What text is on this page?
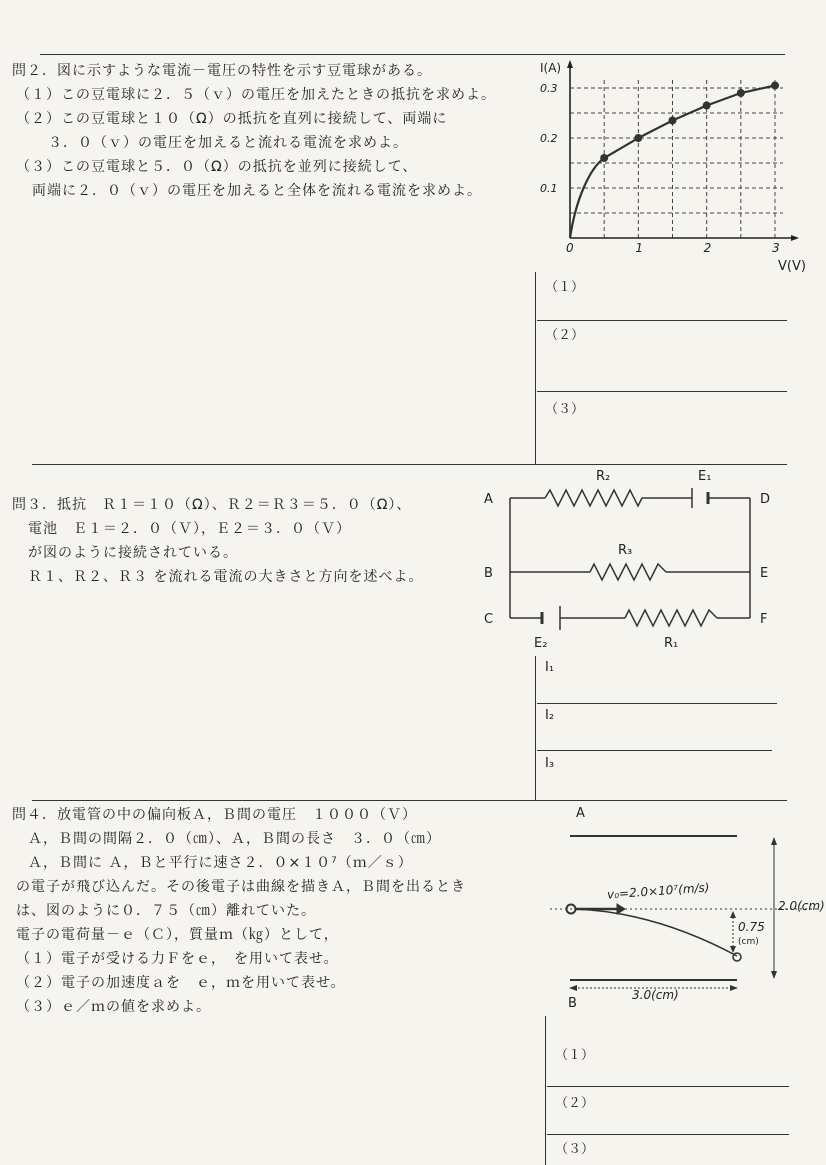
問２．図に示すような電流－電圧の特性を示す豆電球がある。
（１）この豆電球に２．５（ｖ）の電圧を加えたときの抵抗を求めよ。
（２）この豆電球と１０（Ω）の抵抗を直列に接続して、両端に
３．０（ｖ）の電圧を加えると流れる電流を求めよ。
（３）この豆電球と５．０（Ω）の抵抗を並列に接続して、
両端に２．０（ｖ）の電圧を加えると全体を流れる電流を求めよ。
0	1	2	3
0.1
0.2
0.3
I(A)
V(V)
（１）
（２）
（３）
問３．抵抗　Ｒ１＝１０（Ω）、Ｒ２＝Ｒ３＝５．０（Ω）、
電池　Ｅ１＝２．０（Ｖ），Ｅ２＝３．０（Ｖ）
が図のように接続されている。
Ｒ１、Ｒ２、Ｒ３ を流れる電流の大きさと方向を述べよ。
A
B
C
D
E
F
R₂	E₁
R₃
E₂	R₁
I₁
I₂
I₃
問４．放電管の中の偏向板Ａ，Ｂ間の電圧　１０００（Ｖ）
Ａ，Ｂ間の間隔２．０（㎝）、Ａ，Ｂ間の長さ　３．０（㎝）
Ａ，Ｂ間に Ａ，Ｂと平行に速さ２．０×１０⁷（ｍ／ｓ）
の電子が飛び込んだ。その後電子は曲線を描きＡ，Ｂ間を出るとき
は、図のように０．７５（㎝）離れていた。
電子の電荷量－ｅ（Ｃ），質量ｍ（㎏）として，
（１）電子が受ける力Ｆをｅ，　を用いて表せ。
（２）電子の加速度ａを　ｅ，ｍを用いて表せ。
（３）ｅ／ｍの値を求めよ。
A
B
v₀=2.0×10⁷(m/s)
2.0(cm)
0.75
(cm)
3.0(cm)
（１）
（２）
（３）
